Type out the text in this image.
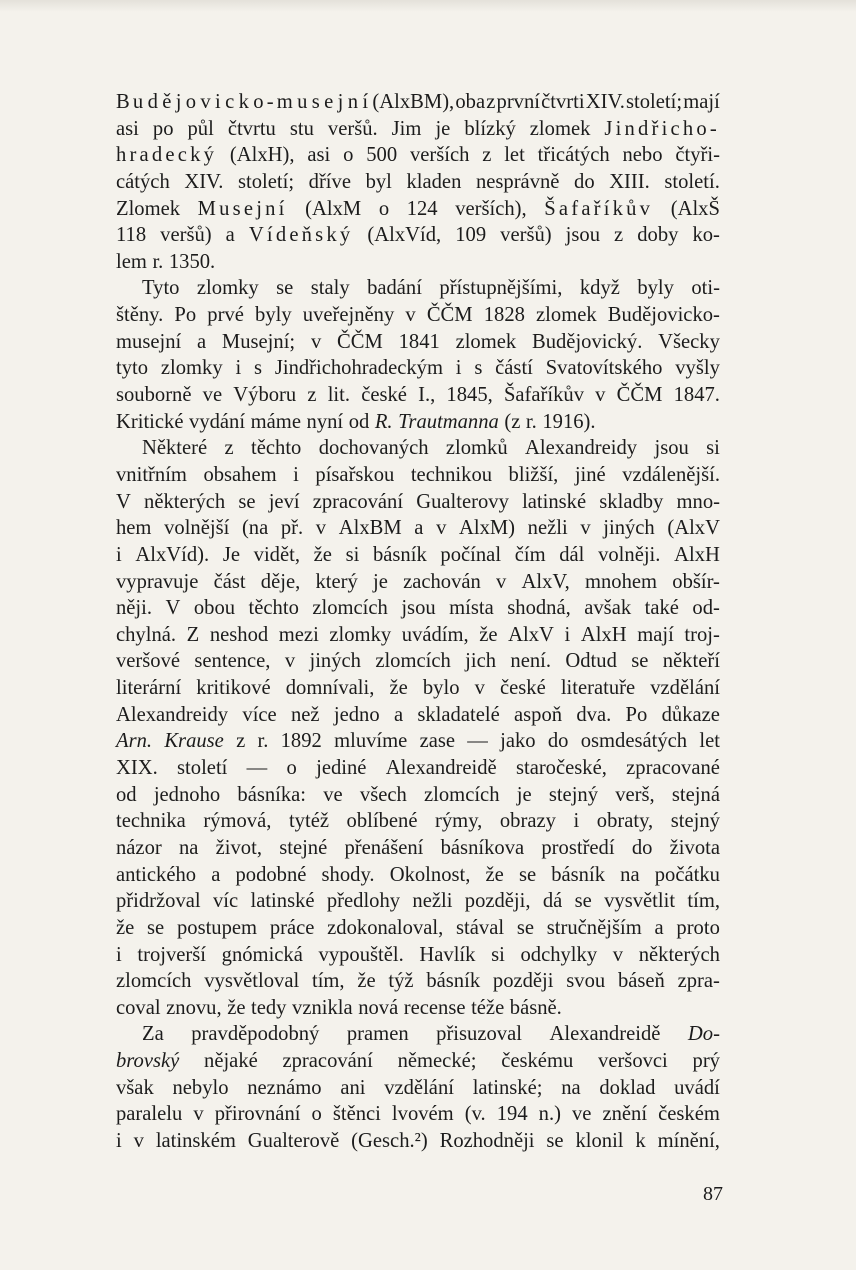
Bu d ě j o v i c k o-m u s e j n í (AlxBM), oba z první čtvrti XIV. století; mají
asi po půl čtvrtu stu veršů. Jim je blízký zlomek Jindřicho-
hradecký (AlxH), asi o 500 verších z let třicátých nebo čtyři-
cátých XIV. století; dříve byl kladen nesprávně do XIII. století.
Zlomek Musejní (AlxM o 124 verších), Šafaříkův (AlxŠ
118 veršů) a Vídeňský (AlxVíd, 109 veršů) jsou z doby ko-
lem r. 1350.
Tyto zlomky se staly badání přístupnějšími, když byly oti-
štěny. Po prvé byly uveřejněny v ČČM 1828 zlomek Budějovicko-
musejní a Musejní; v ČČM 1841 zlomek Budějovický. Všecky
tyto zlomky i s Jindřichohradeckým i s částí Svatovítského vyšly
souborně ve Výboru z lit. české I., 1845, Šafaříkův v ČČM 1847.
Kritické vydání máme nyní od R. Trautmanna (z r. 1916).
Některé z těchto dochovaných zlomků Alexandreidy jsou si
vnitřním obsahem i písařskou technikou bližší, jiné vzdálenější.
V některých se jeví zpracování Gualterovy latinské skladby mno-
hem volnější (na př. v AlxBM a v AlxM) nežli v jiných (AlxV
i AlxVíd). Je vidět, že si básník počínal čím dál volněji. AlxH
vypravuje část děje, který je zachován v AlxV, mnohem obšír-
něji. V obou těchto zlomcích jsou místa shodná, avšak také od-
chylná. Z neshod mezi zlomky uvádím, že AlxV i AlxH mají troj-
veršové sentence, v jiných zlomcích jich není. Odtud se někteří
literární kritikové domnívali, že bylo v české literatuře vzdělání
Alexandreidy více než jedno a skladatelé aspoň dva. Po důkaze
Arn. Krause z r. 1892 mluvíme zase — jako do osmdesátých let
XIX. století — o jediné Alexandreidě staročeské, zpracované
od jednoho básníka: ve všech zlomcích je stejný verš, stejná
technika rýmová, tytéž oblíbené rýmy, obrazy i obraty, stejný
názor na život, stejné přenášení básníkova prostředí do života
antického a podobné shody. Okolnost, že se básník na počátku
přidržoval víc latinské předlohy nežli později, dá se vysvětlit tím,
že se postupem práce zdokonaloval, stával se stručnějším a proto
i trojverší gnómická vypouštěl. Havlík si odchylky v některých
zlomcích vysvětloval tím, že týž básník později svou báseň zpra-
coval znovu, že tedy vznikla nová recense téže básně.
Za pravděpodobný pramen přisuzoval Alexandreidě Do-
brovský nějaké zpracování německé; českému veršovci prý
však nebylo neznámo ani vzdělání latinské; na doklad uvádí
paralelu v přirovnání o štěnci lvovém (v. 194 n.) ve znění českém
i v latinském Gualterově (Gesch.²) Rozhodněji se klonil k mínění,
87
